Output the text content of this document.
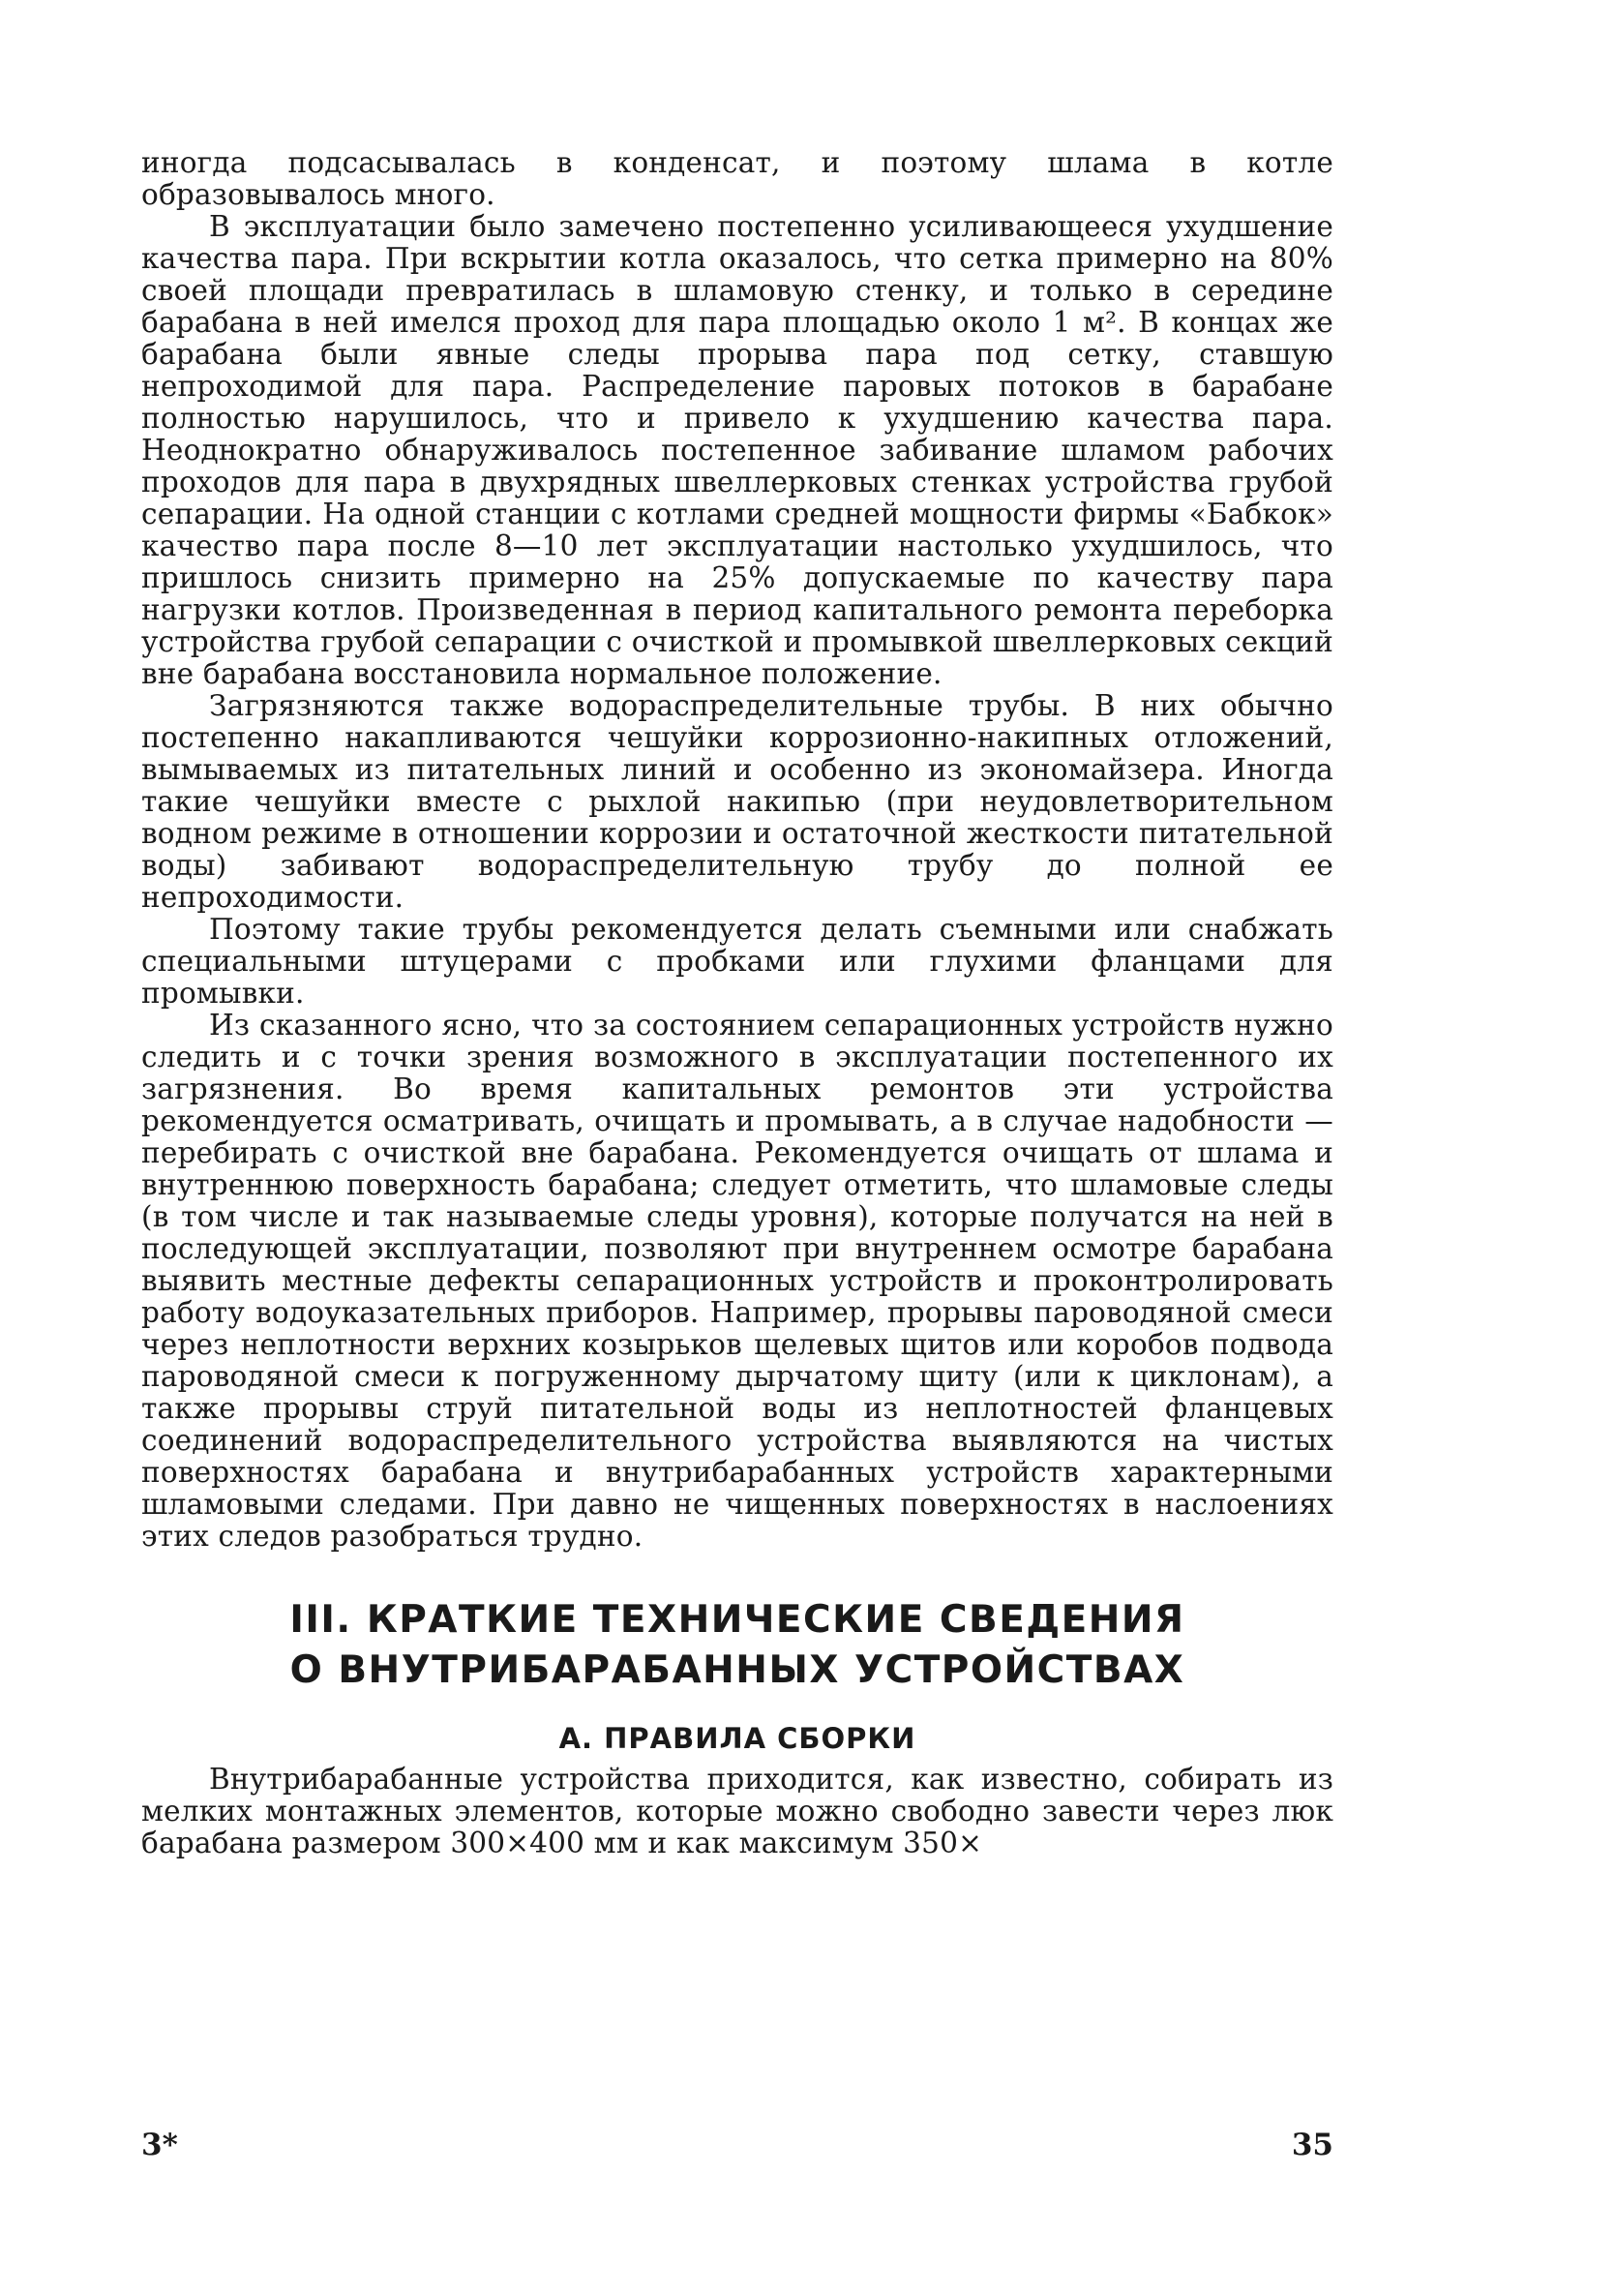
иногда подсасывалась в конденсат, и поэтому шлама в котле образовывалось много.

В эксплуатации было замечено постепенно усиливающееся ухудшение качества пара. При вскрытии котла оказалось, что сетка примерно на 80% своей площади превратилась в шламовую стенку, и только в середине барабана в ней имелся проход для пара площадью около 1 м². В концах же барабана были явные следы прорыва пара под сетку, ставшую непроходимой для пара. Распределение паровых потоков в барабане полностью нарушилось, что и привело к ухудшению качества пара. Неоднократно обнаруживалось постепенное забивание шламом рабочих проходов для пара в двухрядных швеллерковых стенках устройства грубой сепарации. На одной станции с котлами средней мощности фирмы «Бабкок» качество пара после 8—10 лет эксплуатации настолько ухудшилось, что пришлось снизить примерно на 25% допускаемые по качеству пара нагрузки котлов. Произведенная в период капитального ремонта переборка устройства грубой сепарации с очисткой и промывкой швеллерковых секций вне барабана восстановила нормальное положение.

Загрязняются также водораспределительные трубы. В них обычно постепенно накапливаются чешуйки коррозионно-накипных отложений, вымываемых из питательных линий и особенно из экономайзера. Иногда такие чешуйки вместе с рыхлой накипью (при неудовлетворительном водном режиме в отношении коррозии и остаточной жесткости питательной воды) забивают водораспределительную трубу до полной ее непроходимости.

Поэтому такие трубы рекомендуется делать съемными или снабжать специальными штуцерами с пробками или глухими фланцами для промывки.

Из сказанного ясно, что за состоянием сепарационных устройств нужно следить и с точки зрения возможного в эксплуатации постепенного их загрязнения. Во время капитальных ремонтов эти устройства рекомендуется осматривать, очищать и промывать, а в случае надобности — перебирать с очисткой вне барабана. Рекомендуется очищать от шлама и внутреннюю поверхность барабана; следует отметить, что шламовые следы (в том числе и так называемые следы уровня), которые получатся на ней в последующей эксплуатации, позволяют при внутреннем осмотре барабана выявить местные дефекты сепарационных устройств и проконтролировать работу водоуказательных приборов. Например, прорывы пароводяной смеси через неплотности верхних козырьков щелевых щитов или коробов подвода пароводяной смеси к погруженному дырчатому щиту (или к циклонам), а также прорывы струй питательной воды из неплотностей фланцевых соединений водораспределительного устройства выявляются на чистых поверхностях барабана и внутрибарабанных устройств характерными шламовыми следами. При давно не чищенных поверхностях в наслоениях этих следов разобраться трудно.

III. КРАТКИЕ ТЕХНИЧЕСКИЕ СВЕДЕНИЯ
О ВНУТРИБАРАБАННЫХ УСТРОЙСТВАХ
А. ПРАВИЛА СБОРКИ

Внутрибарабанные устройства приходится, как известно, собирать из мелких монтажных элементов, которые можно свободно завести через люк барабана размером 300×400 мм и как максимум 350×

3*	35
